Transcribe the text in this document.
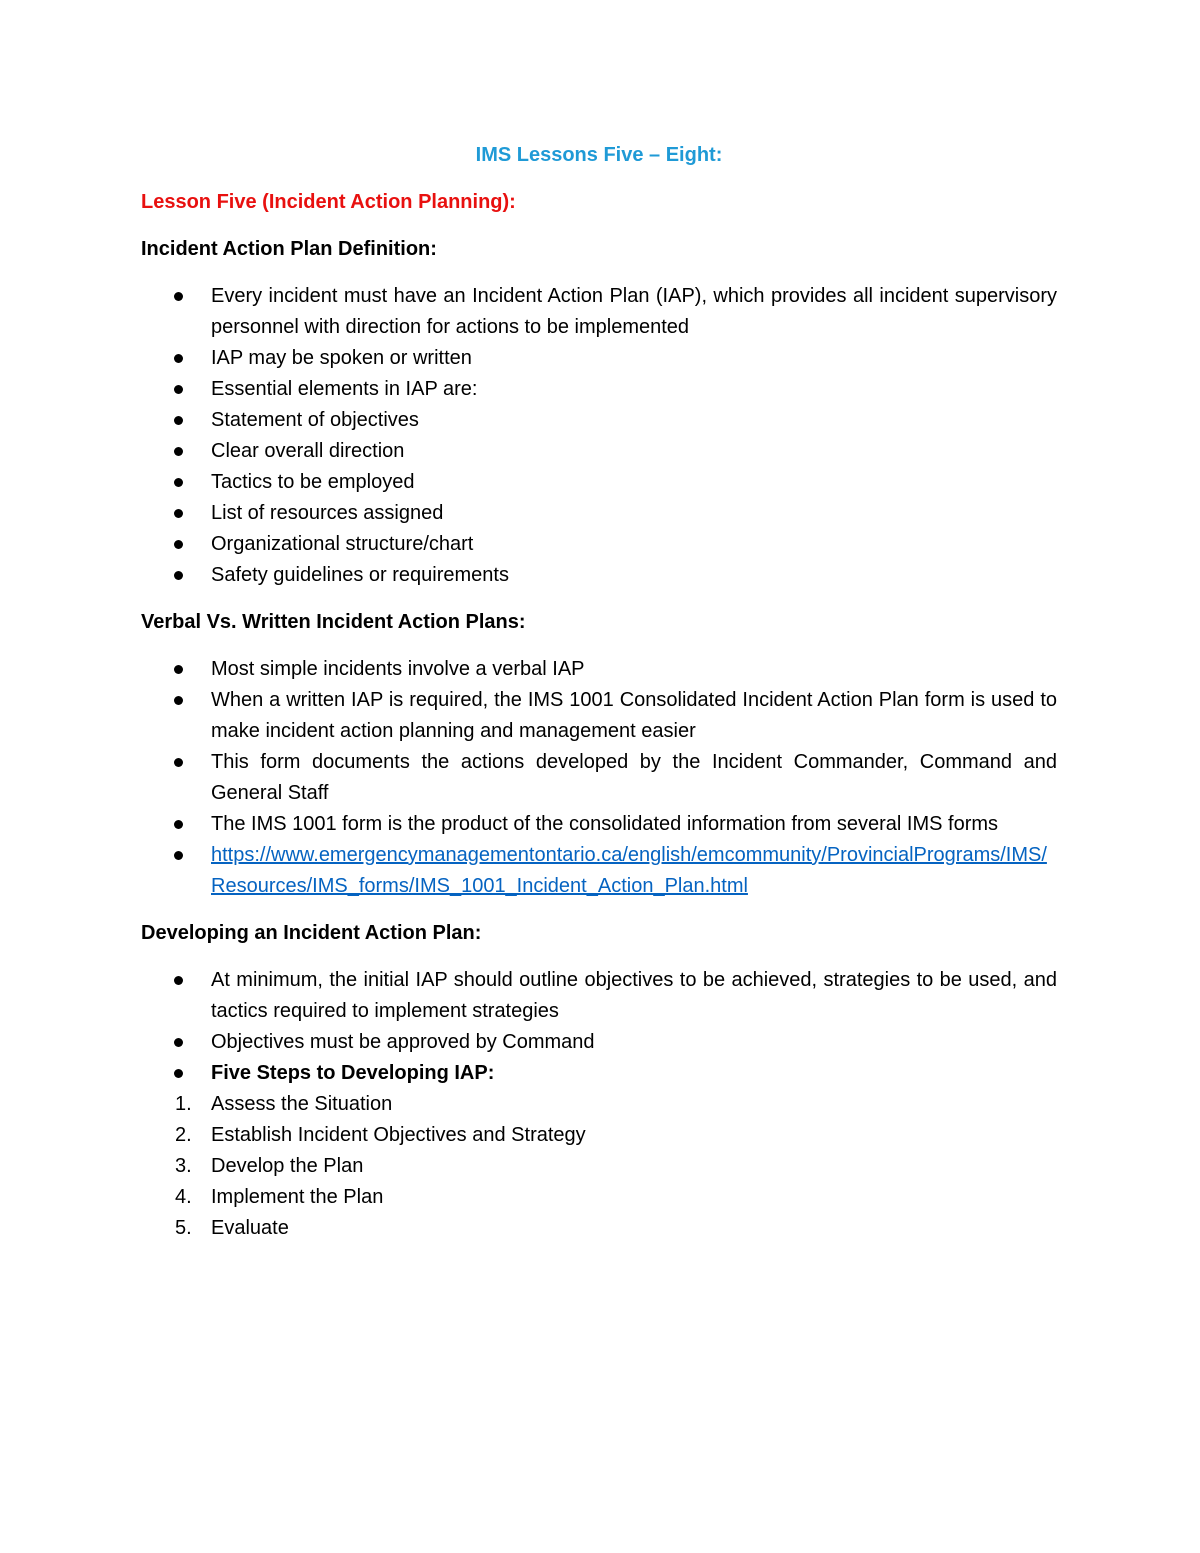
IMS Lessons Five – Eight:
Lesson Five (Incident Action Planning):
Incident Action Plan Definition:
Every incident must have an Incident Action Plan (IAP), which provides all incident supervisory personnel with direction for actions to be implemented
IAP may be spoken or written
Essential elements in IAP are:
Statement of objectives
Clear overall direction
Tactics to be employed
List of resources assigned
Organizational structure/chart
Safety guidelines or requirements
Verbal Vs. Written Incident Action Plans:
Most simple incidents involve a verbal IAP
When a written IAP is required, the IMS 1001 Consolidated Incident Action Plan form is used to make incident action planning and management easier
This form documents the actions developed by the Incident Commander, Command and General Staff
The IMS 1001 form is the product of the consolidated information from several IMS forms
https://www.emergencymanagementontario.ca/english/emcommunity/ProvincialPrograms/IMS/Resources/IMS_forms/IMS_1001_Incident_Action_Plan.html
Developing an Incident Action Plan:
At minimum, the initial IAP should outline objectives to be achieved, strategies to be used, and tactics required to implement strategies
Objectives must be approved by Command
Five Steps to Developing IAP:
1. Assess the Situation
2. Establish Incident Objectives and Strategy
3. Develop the Plan
4. Implement the Plan
5. Evaluate
